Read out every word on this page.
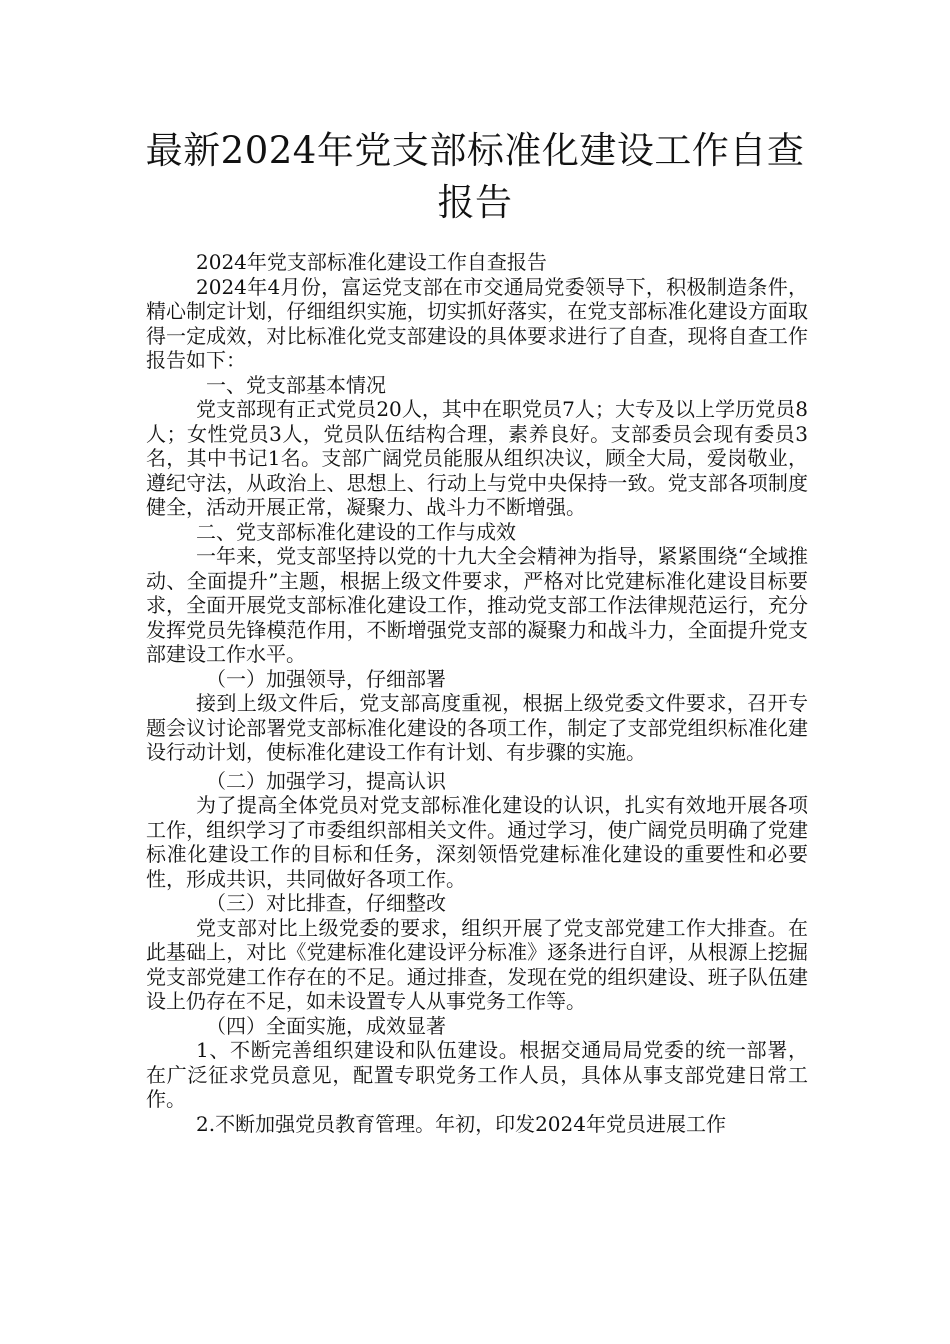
最新2024年党支部标准化建设工作自查报告

2024年党支部标准化建设工作自查报告

2024年4月份，富运党支部在市交通局党委领导下，积极制造条件，精心制定计划，仔细组织实施，切实抓好落实，在党支部标准化建设方面取得一定成效，对比标准化党支部建设的具体要求进行了自查，现将自查工作报告如下：

一、党支部基本情况

党支部现有正式党员20人，其中在职党员7人；大专及以上学历党员8人；女性党员3人，党员队伍结构合理，素养良好。支部委员会现有委员3名，其中书记1名。支部广阔党员能服从组织决议，顾全大局，爱岗敬业，遵纪守法，从政治上、思想上、行动上与党中央保持一致。党支部各项制度健全，活动开展正常，凝聚力、战斗力不断增强。

二、党支部标准化建设的工作与成效

一年来，党支部坚持以党的十九大全会精神为指导，紧紧围绕“全域推动、全面提升”主题，根据上级文件要求，严格对比党建标准化建设目标要求，全面开展党支部标准化建设工作，推动党支部工作法律规范运行，充分发挥党员先锋模范作用，不断增强党支部的凝聚力和战斗力，全面提升党支部建设工作水平。

（一）加强领导，仔细部署

接到上级文件后，党支部高度重视，根据上级党委文件要求，召开专题会议讨论部署党支部标准化建设的各项工作，制定了支部党组织标准化建设行动计划，使标准化建设工作有计划、有步骤的实施。

（二）加强学习，提高认识

为了提高全体党员对党支部标准化建设的认识，扎实有效地开展各项工作，组织学习了市委组织部相关文件。通过学习，使广阔党员明确了党建标准化建设工作的目标和任务，深刻领悟党建标准化建设的重要性和必要性，形成共识，共同做好各项工作。

（三）对比排查，仔细整改

党支部对比上级党委的要求，组织开展了党支部党建工作大排查。在此基础上，对比《党建标准化建设评分标准》逐条进行自评，从根源上挖掘党支部党建工作存在的不足。通过排查，发现在党的组织建设、班子队伍建设上仍存在不足，如未设置专人从事党务工作等。

（四）全面实施，成效显著

1、不断完善组织建设和队伍建设。根据交通局局党委的统一部署，在广泛征求党员意见，配置专职党务工作人员，具体从事支部党建日常工作。

2.不断加强党员教育管理。年初，印发2024年党员进展工作
